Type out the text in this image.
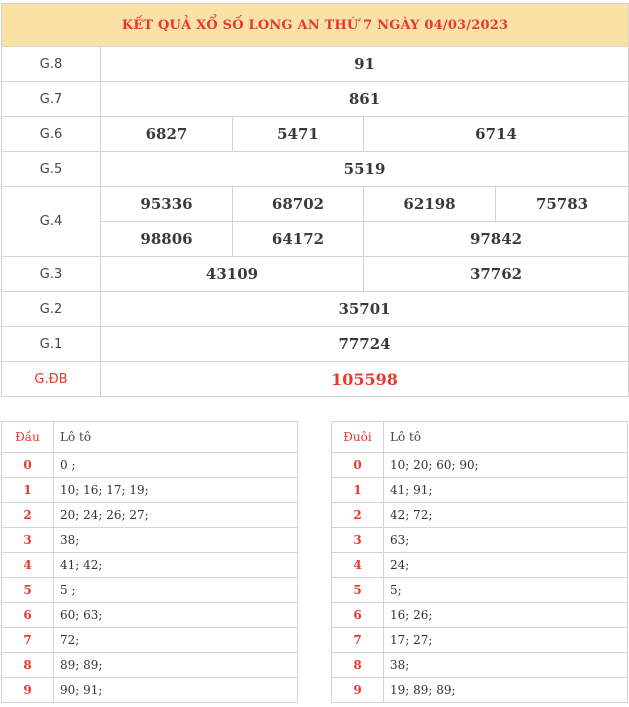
KẾT QUẢ XỔ SỐ LONG AN THỨ 7 NGÀY 04/03/2023				
G.8	91			
G.7	861			
G.6	6827	5471	6714	
G.5	5519			
G.4	95336	68702	62198	75783
	98806	64172	97842	
G.3	43109		37762	
G.2	35701			
G.1	77724			
G.ĐB	105598			
Đầu	Lô tô
0	0 ;
1	10; 16; 17; 19;
2	20; 24; 26; 27;
3	38;
4	41; 42;
5	5 ;
6	60; 63;
7	72;
8	89; 89;
9	90; 91;
Đuôi	Lô tô
0	10; 20; 60; 90;
1	41; 91;
2	42; 72;
3	63;
4	24;
5	5;
6	16; 26;
7	17; 27;
8	38;
9	19; 89; 89;
